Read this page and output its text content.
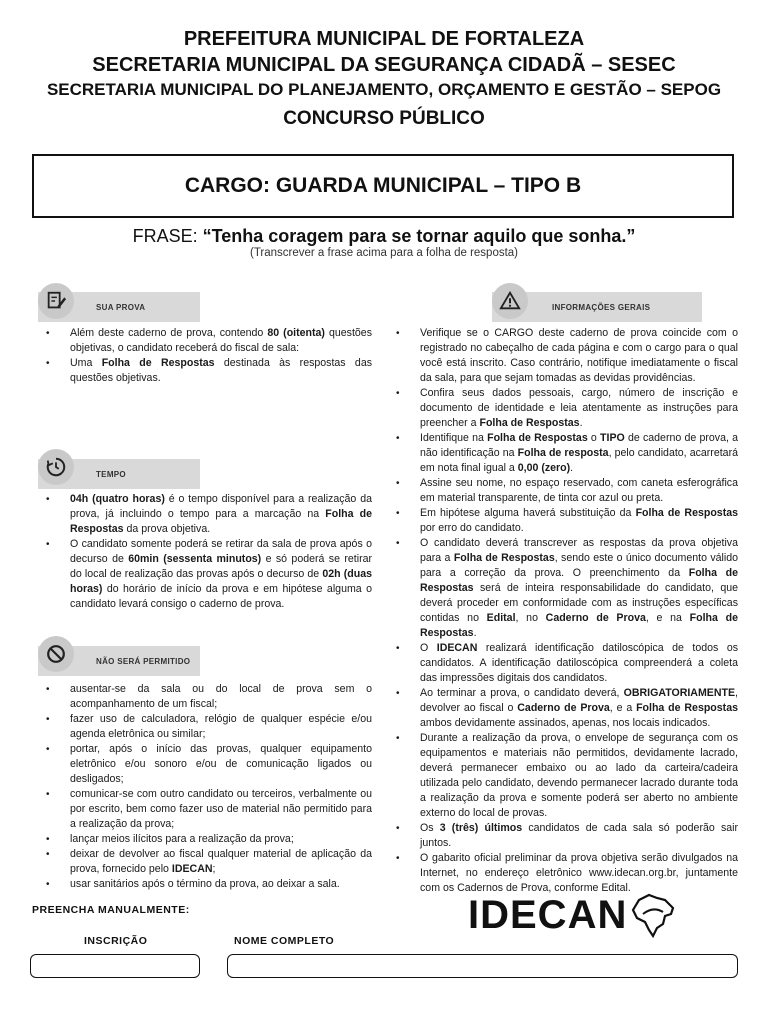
PREFEITURA MUNICIPAL DE FORTALEZA
SECRETARIA MUNICIPAL DA SEGURANÇA CIDADÃ – SESEC
SECRETARIA MUNICIPAL DO PLANEJAMENTO, ORÇAMENTO E GESTÃO – SEPOG
CONCURSO PÚBLICO
CARGO: GUARDA MUNICIPAL – TIPO B
FRASE: “Tenha coragem para se tornar aquilo que sonha.”
(Transcrever a frase acima para a folha de resposta)
SUA PROVA
• Além deste caderno de prova, contendo 80 (oitenta) questões objetivas, o candidato receberá do fiscal de sala:
• Uma Folha de Respostas destinada às respostas das questões objetivas.
TEMPO
• 04h (quatro horas) é o tempo disponível para a realização da prova, já incluindo o tempo para a marcação na Folha de Respostas da prova objetiva.
• O candidato somente poderá se retirar da sala de prova após o decurso de 60min (sessenta minutos) e só poderá se retirar do local de realização das provas após o decurso de 02h (duas horas) do horário de início da prova e em hipótese alguma o candidato levará consigo o caderno de prova.
NÃO SERÁ PERMITIDO
• ausentar-se da sala ou do local de prova sem o acompanhamento de um fiscal;
• fazer uso de calculadora, relógio de qualquer espécie e/ou agenda eletrônica ou similar;
• portar, após o início das provas, qualquer equipamento eletrônico e/ou sonoro e/ou de comunicação ligados ou desligados;
• comunicar-se com outro candidato ou terceiros, verbalmente ou por escrito, bem como fazer uso de material não permitido para a realização da prova;
• lançar meios ilícitos para a realização da prova;
• deixar de devolver ao fiscal qualquer material de aplicação da prova, fornecido pelo IDECAN;
• usar sanitários após o término da prova, ao deixar a sala.
INFORMAÇÕES GERAIS
• Verifique se o CARGO deste caderno de prova coincide com o registrado no cabeçalho de cada página e com o cargo para o qual você está inscrito. Caso contrário, notifique imediatamente o fiscal da sala, para que sejam tomadas as devidas providências.
• Confira seus dados pessoais, cargo, número de inscrição e documento de identidade e leia atentamente as instruções para preencher a Folha de Respostas.
• Identifique na Folha de Respostas o TIPO de caderno de prova, a não identificação na Folha de resposta, pelo candidato, acarretará em nota final igual a 0,00 (zero).
• Assine seu nome, no espaço reservado, com caneta esferográfica em material transparente, de tinta cor azul ou preta.
• Em hipótese alguma haverá substituição da Folha de Respostas por erro do candidato.
• O candidato deverá transcrever as respostas da prova objetiva para a Folha de Respostas, sendo este o único documento válido para a correção da prova. O preenchimento da Folha de Respostas será de inteira responsabilidade do candidato, que deverá proceder em conformidade com as instruções específicas contidas no Edital, no Caderno de Prova, e na Folha de Respostas.
• O IDECAN realizará identificação datiloscópica de todos os candidatos. A identificação datiloscópica compreenderá a coleta das impressões digitais dos candidatos.
• Ao terminar a prova, o candidato deverá, OBRIGATORIAMENTE, devolver ao fiscal o Caderno de Prova, e a Folha de Respostas ambos devidamente assinados, apenas, nos locais indicados.
• Durante a realização da prova, o envelope de segurança com os equipamentos e materiais não permitidos, devidamente lacrado, deverá permanecer embaixo ou ao lado da carteira/cadeira utilizada pelo candidato, devendo permanecer lacrado durante toda a realização da prova e somente poderá ser aberto no ambiente externo do local de provas.
• Os 3 (três) últimos candidatos de cada sala só poderão sair juntos.
• O gabarito oficial preliminar da prova objetiva serão divulgados na Internet, no endereço eletrônico www.idecan.org.br, juntamente com os Cadernos de Prova, conforme Edital.
PREENCHA MANUALMENTE:
INSCRIÇÃO	NOME COMPLETO
IDECAN
